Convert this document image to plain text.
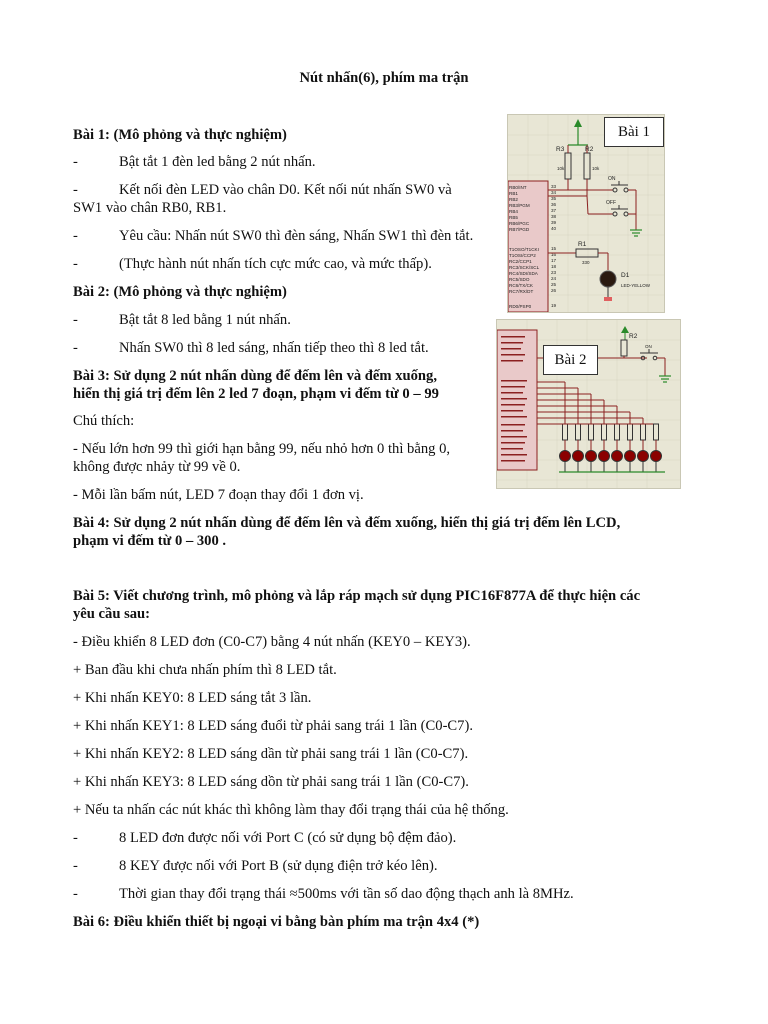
Nút nhấn(6), phím ma trận
Bài 1: (Mô phỏng và thực nghiệm)
-	Bật tắt 1 đèn led bằng 2 nút nhấn.
-	Kết nối đèn LED vào chân D0. Kết nối nút nhấn SW0 và
SW1 vào chân RB0, RB1.
-	Yêu cầu: Nhấn nút SW0 thì đèn sáng, Nhấn SW1 thì đèn tắt.
-	(Thực hành nút nhấn tích cực mức cao, và mức thấp).
Bài 2: (Mô phỏng và thực nghiệm)
-	Bật tắt 8 led bằng 1 nút nhấn.
-	Nhấn SW0 thì 8 led sáng, nhấn tiếp theo thì 8 led tắt.
Bài 3: Sử dụng 2 nút nhấn dùng để đếm lên và đếm xuống,
hiển thị giá trị đếm lên 2 led 7 đoạn, phạm vi đếm từ 0 – 99
Chú thích:
- Nếu lớn hơn 99 thì giới hạn bằng 99, nếu nhỏ hơn 0 thì bằng 0,
không được nhảy từ 99 về 0.
- Mỗi lần bấm nút, LED 7 đoạn thay đổi 1 đơn vị.
Bài 4: Sử dụng 2 nút nhấn dùng để đếm lên và đếm xuống, hiển thị giá trị đếm lên LCD,
phạm vi đếm từ 0 – 300 .
Bài 5: Viết chương trình, mô phỏng và lắp ráp mạch sử dụng PIC16F877A để thực hiện các
yêu cầu sau:
- Điều khiển 8 LED đơn (C0-C7) bằng 4 nút nhấn (KEY0 – KEY3).
+ Ban đầu khi chưa nhấn phím thì 8 LED tắt.
+ Khi nhấn KEY0: 8 LED sáng tắt 3 lần.
+ Khi nhấn KEY1: 8 LED sáng đuổi từ phải sang trái 1 lần (C0-C7).
+ Khi nhấn KEY2: 8 LED sáng dần từ phải sang trái 1 lần (C0-C7).
+ Khi nhấn KEY3: 8 LED sáng dồn từ phải sang trái 1 lần (C0-C7).
+ Nếu ta nhấn các nút khác thì không làm thay đổi trạng thái của hệ thống.
-	8 LED đơn được nối với Port C (có sử dụng bộ đệm đảo).
-	8 KEY được nối với Port B (sử dụng điện trở kéo lên).
-	Thời gian thay đổi trạng thái ≈500ms với tần số dao động thạch anh là 8MHz.
Bài 6: Điều khiển thiết bị ngoại vi bằng bàn phím ma trận 4x4 (*)
RB0/INT	33
RB1	34
RB2	35
RB3/PGM	36
RB4	37
RB5	38
RB6/PGC	39
RB7/PGD	40
T1OSO/T1CKI	15
T1OSI/CCP2	16
RC2/CCP1	17
RC3/SCK/SCL	18
RC4/SDI/SDA	23
RC5/SDO	24
RC6/TX/CK	25
RC7/RX/DT	26
RD0/PSP0	19
R3	R2
10k	10k
ON
OFF
R1
330
D1
LED-YELLOW
Bài 1
R2
ON
Bài 2
